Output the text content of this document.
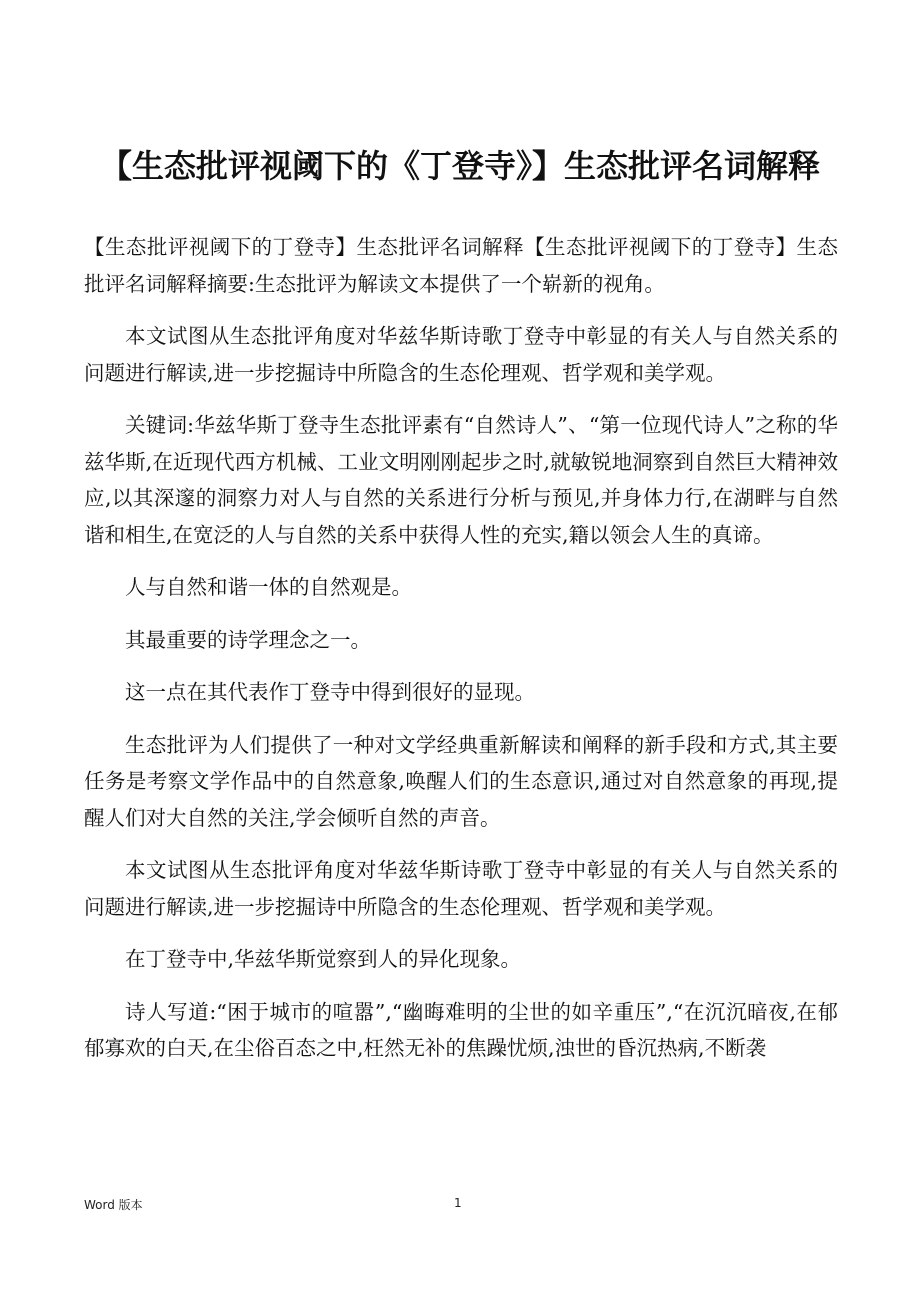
【生态批评视阈下的《丁登寺》】生态批评名词解释

【生态批评视阈下的丁登寺】生态批评名词解释【生态批评视阈下的丁登寺】生态批评名词解释摘要:生态批评为解读文本提供了一个崭新的视角。

本文试图从生态批评角度对华兹华斯诗歌丁登寺中彰显的有关人与自然关系的问题进行解读,进一步挖掘诗中所隐含的生态伦理观、哲学观和美学观。

关键词:华兹华斯丁登寺生态批评素有“自然诗人”、“第一位现代诗人”之称的华兹华斯,在近现代西方机械、工业文明刚刚起步之时,就敏锐地洞察到自然巨大精神效应,以其深邃的洞察力对人与自然的关系进行分析与预见,并身体力行,在湖畔与自然谐和相生,在宽泛的人与自然的关系中获得人性的充实,籍以领会人生的真谛。

人与自然和谐一体的自然观是。

其最重要的诗学理念之一。

这一点在其代表作丁登寺中得到很好的显现。

生态批评为人们提供了一种对文学经典重新解读和阐释的新手段和方式,其主要任务是考察文学作品中的自然意象,唤醒人们的生态意识,通过对自然意象的再现,提醒人们对大自然的关注,学会倾听自然的声音。

本文试图从生态批评角度对华兹华斯诗歌丁登寺中彰显的有关人与自然关系的问题进行解读,进一步挖掘诗中所隐含的生态伦理观、哲学观和美学观。

在丁登寺中,华兹华斯觉察到人的异化现象。

诗人写道:“困于城市的喧嚣”,“幽晦难明的尘世的如辛重压”,“在沉沉暗夜,在郁郁寡欢的白天,在尘俗百态之中,枉然无补的焦躁忧烦,浊世的昏沉热病,不断袭

Word 版本	1
